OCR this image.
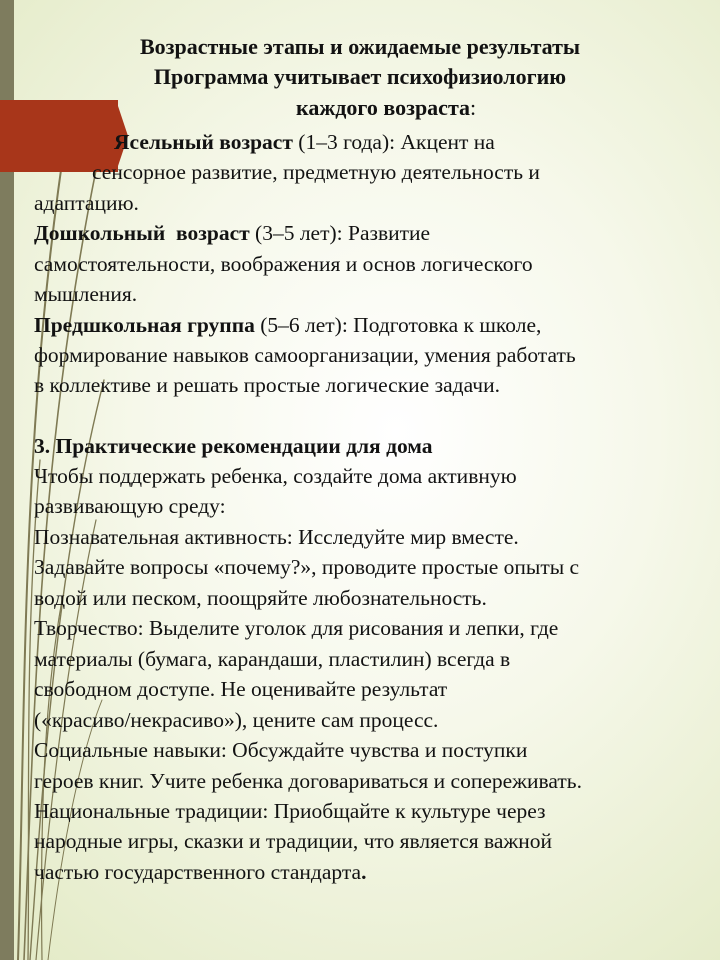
Возрастные этапы и ожидаемые результаты
Программа учитывает психофизиологию
каждого возраста:
Ясельный возраст (1–3 года): Акцент на
сенсорное развитие, предметную деятельность и
адаптацию.
Дошкольный  возраст (3–5 лет): Развитие
самостоятельности, воображения и основ логического
мышления.
Предшкольная группа (5–6 лет): Подготовка к школе,
формирование навыков самоорганизации, умения работать
в коллективе и решать простые логические задачи.
3. Практические рекомендации для дома
Чтобы поддержать ребенка, создайте дома активную
развивающую среду:
Познавательная активность: Исследуйте мир вместе.
Задавайте вопросы «почему?», проводите простые опыты с
водой или песком, поощряйте любознательность.
Творчество: Выделите уголок для рисования и лепки, где
материалы (бумага, карандаши, пластилин) всегда в
свободном доступе. Не оценивайте результат
(«красиво/некрасиво»), цените сам процесс.
Социальные навыки: Обсуждайте чувства и поступки
героев книг. Учите ребенка договариваться и сопереживать.
Национальные традиции: Приобщайте к культуре через
народные игры, сказки и традиции, что является важной
частью государственного стандарта.
